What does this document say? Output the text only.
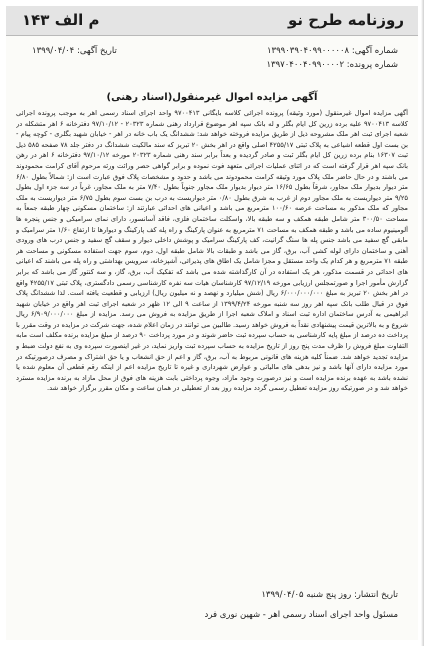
م الف ۱۴۳	روزنامه طرح نو
تاریخ آگهی: ۱۳۹۹/۰۴/۰۴	شماره آگهی: ۱۳۹۹۰۳۹۰۴۰۹۹۰۰۰۰۰۸
شماره پرونده: ۱۳۹۷۰۴۰۰۴۰۹۹۰۰۰۰۲
آگهی مزایده اموال غیرمنقول(اسناد رهنی)
آگهی مزایده اموال غیرمنقول (مورد وثیقه) پرونده اجرائی کلاسه بایگانی ۹۷۰۰۴۱۳ واحد اجرای اسناد رسمی اهر به موجب پرونده اجرائی کلاسه ۹۷۰۰۴۱۳ علیه برده زرین کل ایام بگلر و له بانک سپه اهر موضوع قرارداد رهنی شماره ۲۰۳۲۳ - ۹۷/۱۰/۱۲ دفترخانه ۶ اهر متشکله در شعبه اجرای ثبت اهر ملک مشروحه ذیل از طریق مزایده فروخته خواهد شد: ششدانگ یک باب خانه در اهر - خیابان شهید بگلری - کوچه پیام - بن بست اول قطعه اشیاعی به پلاک ثبتی ۴۲۵۵/۱۷ اصلی واقع در اهر بخش ۲۰ تبریز که سند مالکیت ششدانگ در دفتر جلد ۷۸ صفحه ۵۸۵ ذیل ثبت ۱۶۳۰۷ بنام برده زرین کل ایام بگلر ثبت و صادر گردیده و بعداً برابر سند رهنی شماره ۲۰۳۲۳ مورخه ۹۷/۱۰/۱۲ دفترخانه ۶ اهر در رهن بانک سپه اهر قرار گرفته است که در اثنای عملیات اجرائی متعهد فوت نموده و برابر گواهی حصر وراثت ورثه مرحوم آقای کرامت محمودوند می باشند و در حال حاضر ملک پلاک مورد وثیقه کرامت محمودوند می باشد و حدود و مشخصات پلاک فوق عبارت است از: شمالاً بطول ۶/۸۰ متر دیوار بدیوار ملک مجاور، شرقاً بطول ۱۶/۶۵ متر دیوار بدیوار ملک مجاور جنوباً بطول ۷/۴۰ متر به ملک مجاور، غرباً در سه جزء اول بطول ۹/۲۵ متر دیواریست به ملک مجاور دوم از غرب به شرق بطول ۰/۸۰ متر دیواریست به درب بن بست سوم بطول ۶/۷۵ متر دیواریست به ملک مجاور که ملک مذکور به مساحت عرصه ۱۰۰/۶۰ مترمربع می باشد و اعیانی های احداثی عبارتند از: ساختمان مسکونی چهار طبقه جمعاً به مساحت ۳۰۰/۵۰ متر شامل طبقه همکف و سه طبقه بالا، واسکلت ساختمان فلزی، فاقد آسانسور، دارای نمای سرامیکی و جنس پنجره ها آلومینیوم ساده می باشد و طبقه همکف به مساحت ۷۱ مترمربع به عنوان پارکینگ و راه پله کف پارکینگ و دیوارها تا ارتفاع ۱/۶۰ متر سرامیک و مابقی گچ سفید می باشد جنس پله ها سنگ گرانیت، کف پارکینگ سرامیک و پوشش داخلی دیوار و سقف گچ سفید و جنس درب های ورودی آهنی و ساختمان دارای لوله کشی آب، برق، گاز می باشد و طبقات بالا شامل طبقه اول، دوم، سوم جهت استفاده مسکونی و مساحت هر طبقه ۷۱ مترمربع و هر کدام یک واحد مستقل و مجزا شامل یک اطاق های پذیرائی، آشپزخانه، سرویس بهداشتی و راه پله می باشند که اعیانی های احداثی در قسمت مذکور، هر یک استفاده در آن کارگذاشته شده می باشد که تفکیک آب، برق، گاز، و سه کنتور گاز می باشد که برابر گزارش مأمور اجرا و صورتمجلس ارزیابی مورخه ۹۷/۱۲/۱۹ کارشناسان هیات سه نفره کارشناسی رسمی دادگستری، پلاک ثبتی ۴۲۵۵/۱۷ واقع در اهر بخش ۲۰ تبریز به مبلغ ۶/۰۰۰/۰۰۰/۰۰۰ ریال (شش میلیارد و نهصد و نه میلیون ریال) ارزیابی و قطعیت یافته است. لذا ششدانگ پلاک فوق در قبال طلب بانک سپه اهر روز سه شنبه مورخه ۱۳۹۹/۴/۲۴ از ساعت ۹ الی ۱۲ ظهر در شعبه اجرای ثبت اهر واقع در خیابان شهید ابراهیمی به آدرس ساختمان اداره ثبت اسناد و املاک شعبه اجرا از طریق مزایده به فروش می رسد. مزایده از مبلغ ۶/۹۰۹/۰۰۰/۰۰۰ ریال شروع و به بالاترین قیمت پیشنهادی نقداً به فروش خواهد رسید. طالبین می توانند در زمان اعلام شده، جهت شرکت در مزایده در وقت مقرر با پرداخت ده درصد از مبلغ پایه کارشناسی به حساب سپرده ثبت حاضر شوند و در مورد پرداخت ۹۰ درصد از مبلغ مزایده برنده مکلف است مابه التفاوت مبلغ فروش را ظرف مدت پنج روز از تاریخ مزایده به حساب سپرده ثبت واریز نماید، در غیر اینصورت سپرده وی به نفع دولت ضبط و مزایده تجدید خواهد شد. ضمناً کلیه هزینه های قانونی مربوط به آب، برق، گاز و اعم از حق انشعاب و یا حق اشتراک و مصرف درصورتیکه در مورد مزایده دارای آنها باشد و نیز بدهی های مالیاتی و عوارض شهرداری و غیره تا تاریخ مزایده اعم از اینکه رقم قطعی آن معلوم شده یا نشده باشد به عهده برنده مزایده است و نیز درصورت وجود مازاد، وجوه پرداختی بابت هزینه های فوق از محل مازاد به برنده مزایده مسترد خواهد شد و در صورتیکه روز مزایده تعطیل رسمی گردد مزایده روز بعد از تعطیلی در همان ساعت و مکان مقرر برگزار خواهد شد.
تاریخ انتشار: روز پنج شنبه ۱۳۹۹/۰۴/۰۵
مسئول واحد اجرای اسناد رسمی اهر - شهین نوری فرد
